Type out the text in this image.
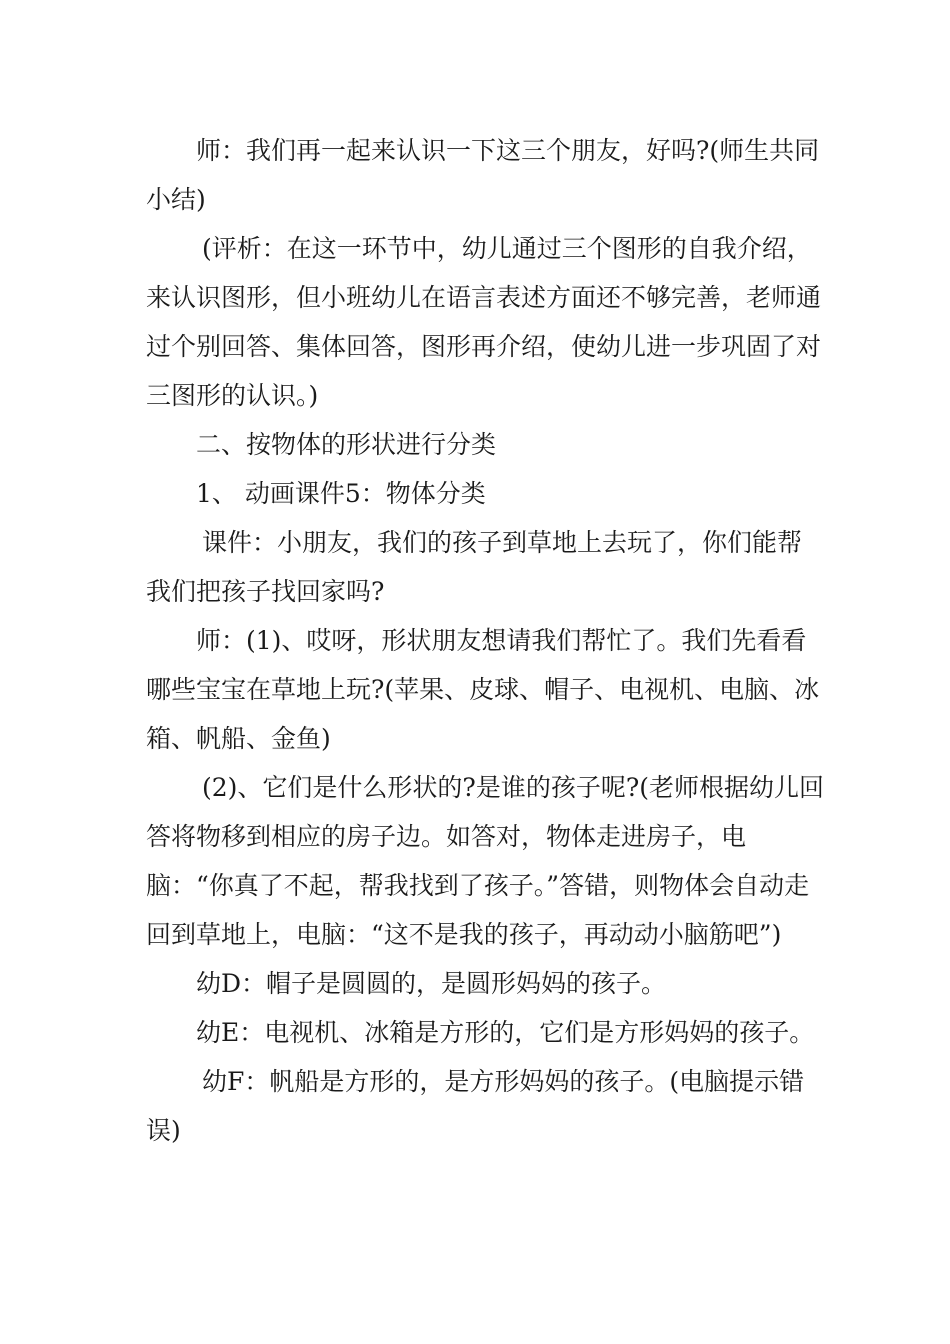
师：我们再一起来认识一下这三个朋友，好吗?(师生共同小结)

(评析：在这一环节中，幼儿通过三个图形的自我介绍，来认识图形，但小班幼儿在语言表述方面还不够完善，老师通过个别回答、集体回答，图形再介绍，使幼儿进一步巩固了对三图形的认识。)

二、按物体的形状进行分类

1、 动画课件5：物体分类

课件：小朋友，我们的孩子到草地上去玩了，你们能帮我们把孩子找回家吗?

师：(1)、哎呀，形状朋友想请我们帮忙了。我们先看看哪些宝宝在草地上玩?(苹果、皮球、帽子、电视机、电脑、冰箱、帆船、金鱼)

(2)、它们是什么形状的?是谁的孩子呢?(老师根据幼儿回答将物移到相应的房子边。如答对，物体走进房子，电脑：“你真了不起，帮我找到了孩子。”答错，则物体会自动走回到草地上，电脑：“这不是我的孩子，再动动小脑筋吧”)

幼D：帽子是圆圆的，是圆形妈妈的孩子。

幼E：电视机、冰箱是方形的，它们是方形妈妈的孩子。

幼F：帆船是方形的，是方形妈妈的孩子。(电脑提示错误)
